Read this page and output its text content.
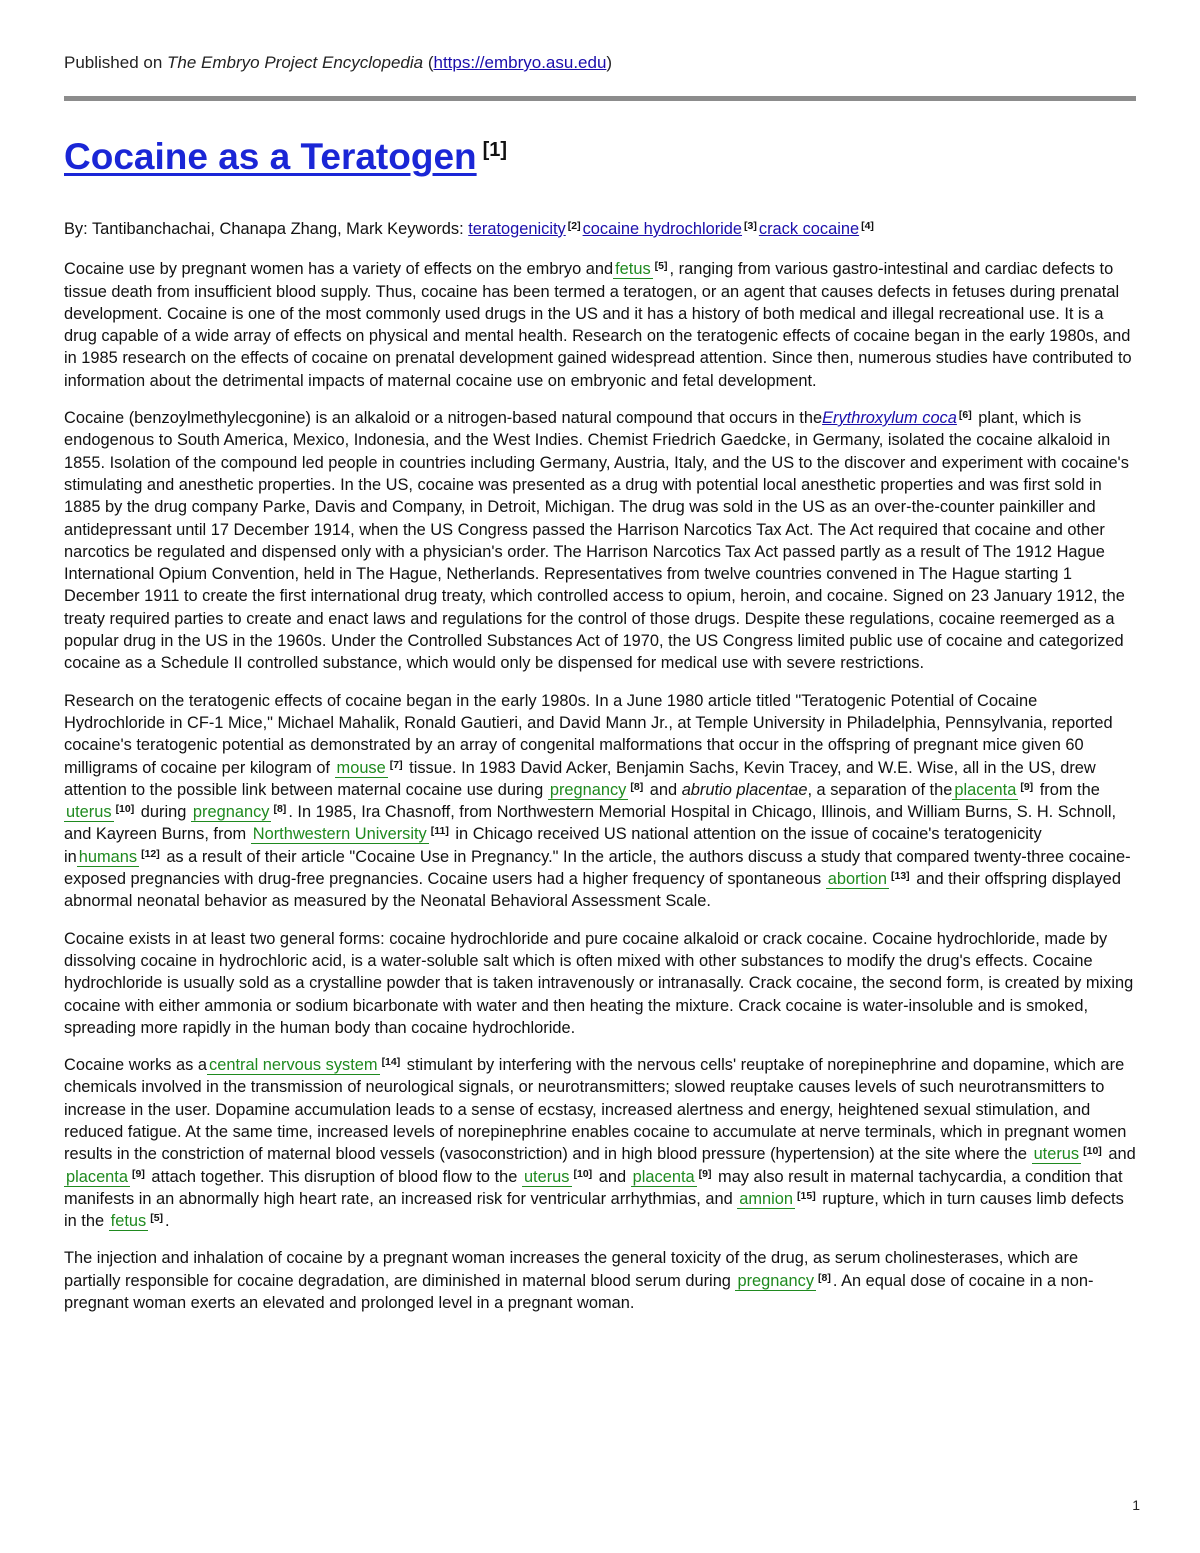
Published on The Embryo Project Encyclopedia (https://embryo.asu.edu)
Cocaine as a Teratogen [1]

By: Tantibanchachai, Chanapa Zhang, Mark Keywords: teratogenicity [2] cocaine hydrochloride [3] crack cocaine [4]

Cocaine use by pregnant women has a variety of effects on the embryo and fetus [5] , ranging from various gastro-intestinal and cardiac defects to tissue death from insufficient blood supply. Thus, cocaine has been termed a teratogen, or an agent that causes defects in fetuses during prenatal development. Cocaine is one of the most commonly used drugs in the US and it has a history of both medical and illegal recreational use. It is a drug capable of a wide array of effects on physical and mental health. Research on the teratogenic effects of cocaine began in the early 1980s, and in 1985 research on the effects of cocaine on prenatal development gained widespread attention. Since then, numerous studies have contributed to information about the detrimental impacts of maternal cocaine use on embryonic and fetal development.

Cocaine (benzoylmethylecgonine) is an alkaloid or a nitrogen-based natural compound that occurs in theErythroxylum coca [6] plant, which is endogenous to South America, Mexico, Indonesia, and the West Indies. Chemist Friedrich Gaedcke, in Germany, isolated the cocaine alkaloid in 1855. Isolation of the compound led people in countries including Germany, Austria, Italy, and the US to the discover and experiment with cocaine's stimulating and anesthetic properties. In the US, cocaine was presented as a drug with potential local anesthetic properties and was first sold in 1885 by the drug company Parke, Davis and Company, in Detroit, Michigan. The drug was sold in the US as an over-the-counter painkiller and antidepressant until 17 December 1914, when the US Congress passed the Harrison Narcotics Tax Act. The Act required that cocaine and other narcotics be regulated and dispensed only with a physician's order. The Harrison Narcotics Tax Act passed partly as a result of The 1912 Hague International Opium Convention, held in The Hague, Netherlands. Representatives from twelve countries convened in The Hague starting 1 December 1911 to create the first international drug treaty, which controlled access to opium, heroin, and cocaine. Signed on 23 January 1912, the treaty required parties to create and enact laws and regulations for the control of those drugs. Despite these regulations, cocaine reemerged as a popular drug in the US in the 1960s. Under the Controlled Substances Act of 1970, the US Congress limited public use of cocaine and categorized cocaine as a Schedule II controlled substance, which would only be dispensed for medical use with severe restrictions.

Research on the teratogenic effects of cocaine began in the early 1980s. In a June 1980 article titled "Teratogenic Potential of Cocaine Hydrochloride in CF-1 Mice," Michael Mahalik, Ronald Gautieri, and David Mann Jr., at Temple University in Philadelphia, Pennsylvania, reported cocaine's teratogenic potential as demonstrated by an array of congenital malformations that occur in the offspring of pregnant mice given 60 milligrams of cocaine per kilogram of mouse [7] tissue. In 1983 David Acker, Benjamin Sachs, Kevin Tracey, and W.E. Wise, all in the US, drew attention to the possible link between maternal cocaine use during pregnancy [8] and abrutio placentae, a separation of the placenta [9] from the uterus [10] during pregnancy [8] . In 1985, Ira Chasnoff, from Northwestern Memorial Hospital in Chicago, Illinois, and William Burns, S. H. Schnoll, and Kayreen Burns, from Northwestern University [11] in Chicago received US national attention on the issue of cocaine's teratogenicity in humans [12] as a result of their article "Cocaine Use in Pregnancy." In the article, the authors discuss a study that compared twenty-three cocaine-exposed pregnancies with drug-free pregnancies. Cocaine users had a higher frequency of spontaneous abortion [13] and their offspring displayed abnormal neonatal behavior as measured by the Neonatal Behavioral Assessment Scale.

Cocaine exists in at least two general forms: cocaine hydrochloride and pure cocaine alkaloid or crack cocaine. Cocaine hydrochloride, made by dissolving cocaine in hydrochloric acid, is a water-soluble salt which is often mixed with other substances to modify the drug's effects. Cocaine hydrochloride is usually sold as a crystalline powder that is taken intravenously or intranasally. Crack cocaine, the second form, is created by mixing cocaine with either ammonia or sodium bicarbonate with water and then heating the mixture. Crack cocaine is water-insoluble and is smoked, spreading more rapidly in the human body than cocaine hydrochloride.

Cocaine works as a central nervous system [14] stimulant by interfering with the nervous cells' reuptake of norepinephrine and dopamine, which are chemicals involved in the transmission of neurological signals, or neurotransmitters; slowed reuptake causes levels of such neurotransmitters to increase in the user. Dopamine accumulation leads to a sense of ecstasy, increased alertness and energy, heightened sexual stimulation, and reduced fatigue. At the same time, increased levels of norepinephrine enables cocaine to accumulate at nerve terminals, which in pregnant women results in the constriction of maternal blood vessels (vasoconstriction) and in high blood pressure (hypertension) at the site where the uterus [10] and placenta [9] attach together. This disruption of blood flow to the uterus [10] and placenta [9] may also result in maternal tachycardia, a condition that manifests in an abnormally high heart rate, an increased risk for ventricular arrhythmias, and amnion [15] rupture, which in turn causes limb defects in the fetus [5] .

The injection and inhalation of cocaine by a pregnant woman increases the general toxicity of the drug, as serum cholinesterases, which are partially responsible for cocaine degradation, are diminished in maternal blood serum during pregnancy [8] . An equal dose of cocaine in a non-pregnant woman exerts an elevated and prolonged level in a pregnant woman.

1
